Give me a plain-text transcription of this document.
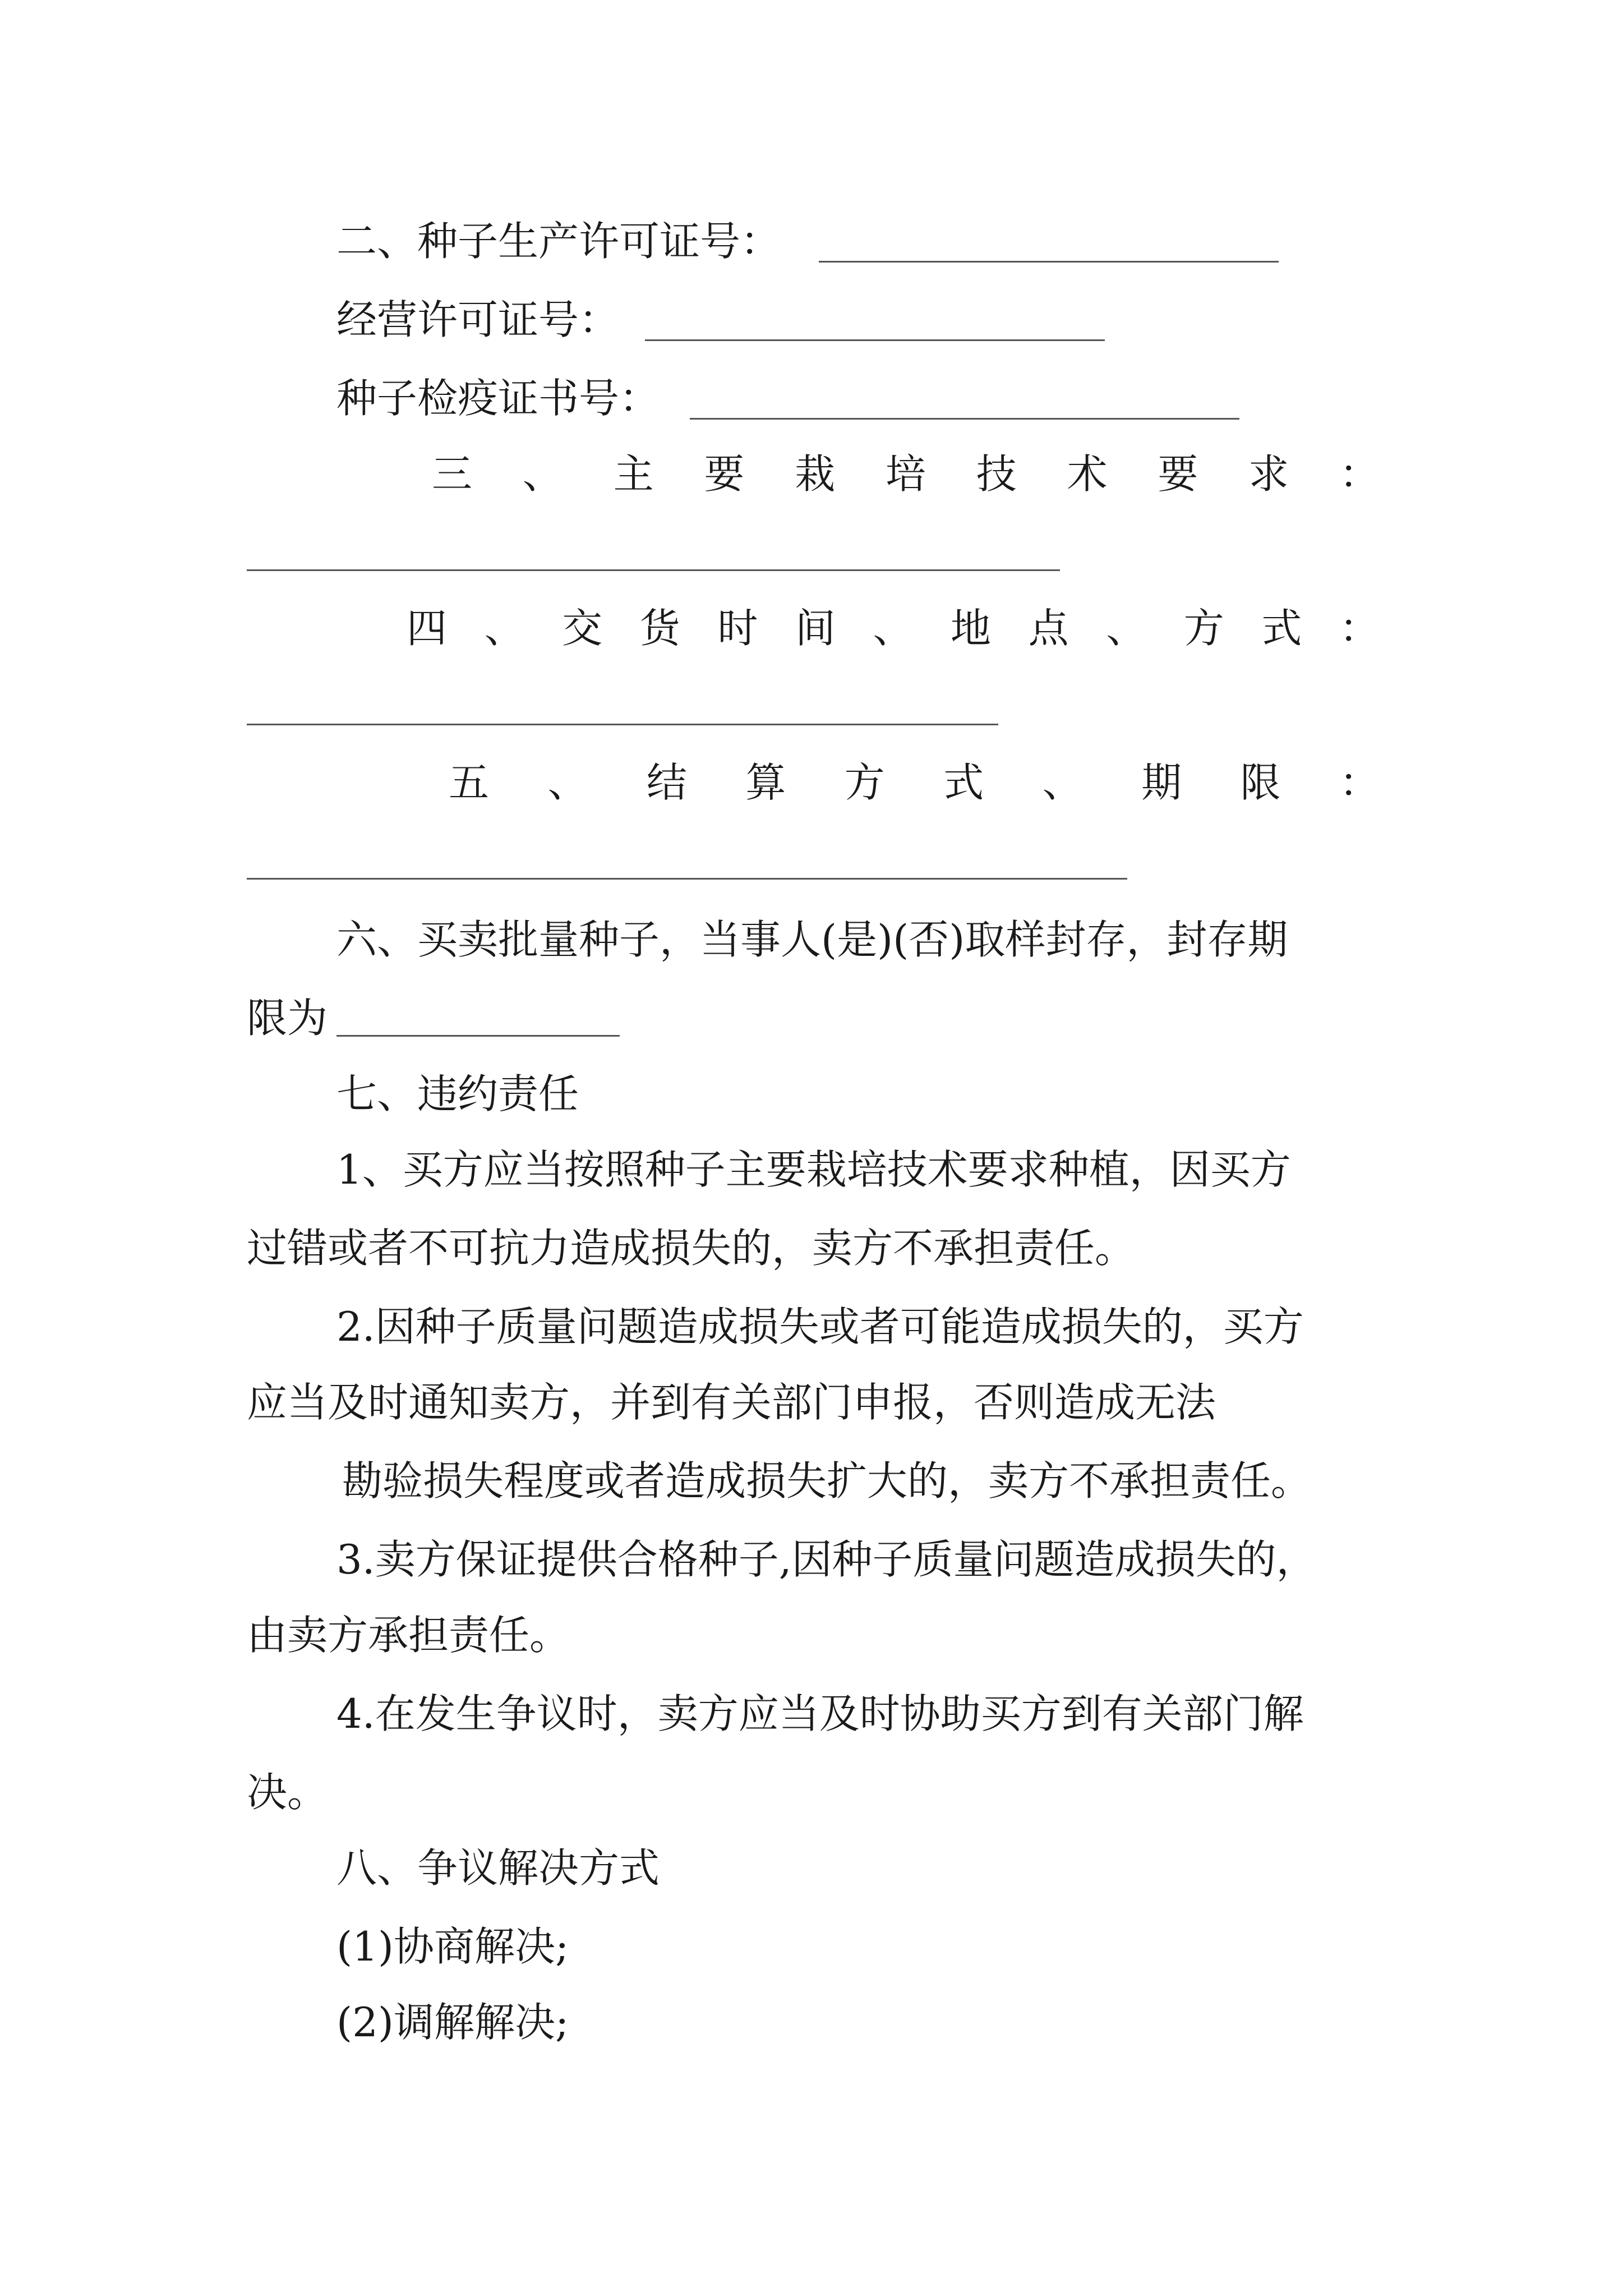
二、种子生产许可证号：
经营许可证号：
种子检疫证书号：
三 、 主 要 栽 培 技 术 要 求 ：
四 、 交 货 时 间 、 地 点 、 方 式 ：
五 、 结 算 方 式 、 期 限 ：
六、买卖批量种子，当事人(是)(否)取样封存，封存期
限为
七、违约责任
1、买方应当按照种子主要栽培技术要求种植，因买方
过错或者不可抗力造成损失的，卖方不承担责任。
2.因种子质量问题造成损失或者可能造成损失的，买方
应当及时通知卖方，并到有关部门申报，否则造成无法
勘验损失程度或者造成损失扩大的，卖方不承担责任。
3.卖方保证提供合格种子,因种子质量问题造成损失的，
由卖方承担责任。
4.在发生争议时，卖方应当及时协助买方到有关部门解
决。
八、争议解决方式
(1)协商解决;
(2)调解解决;
